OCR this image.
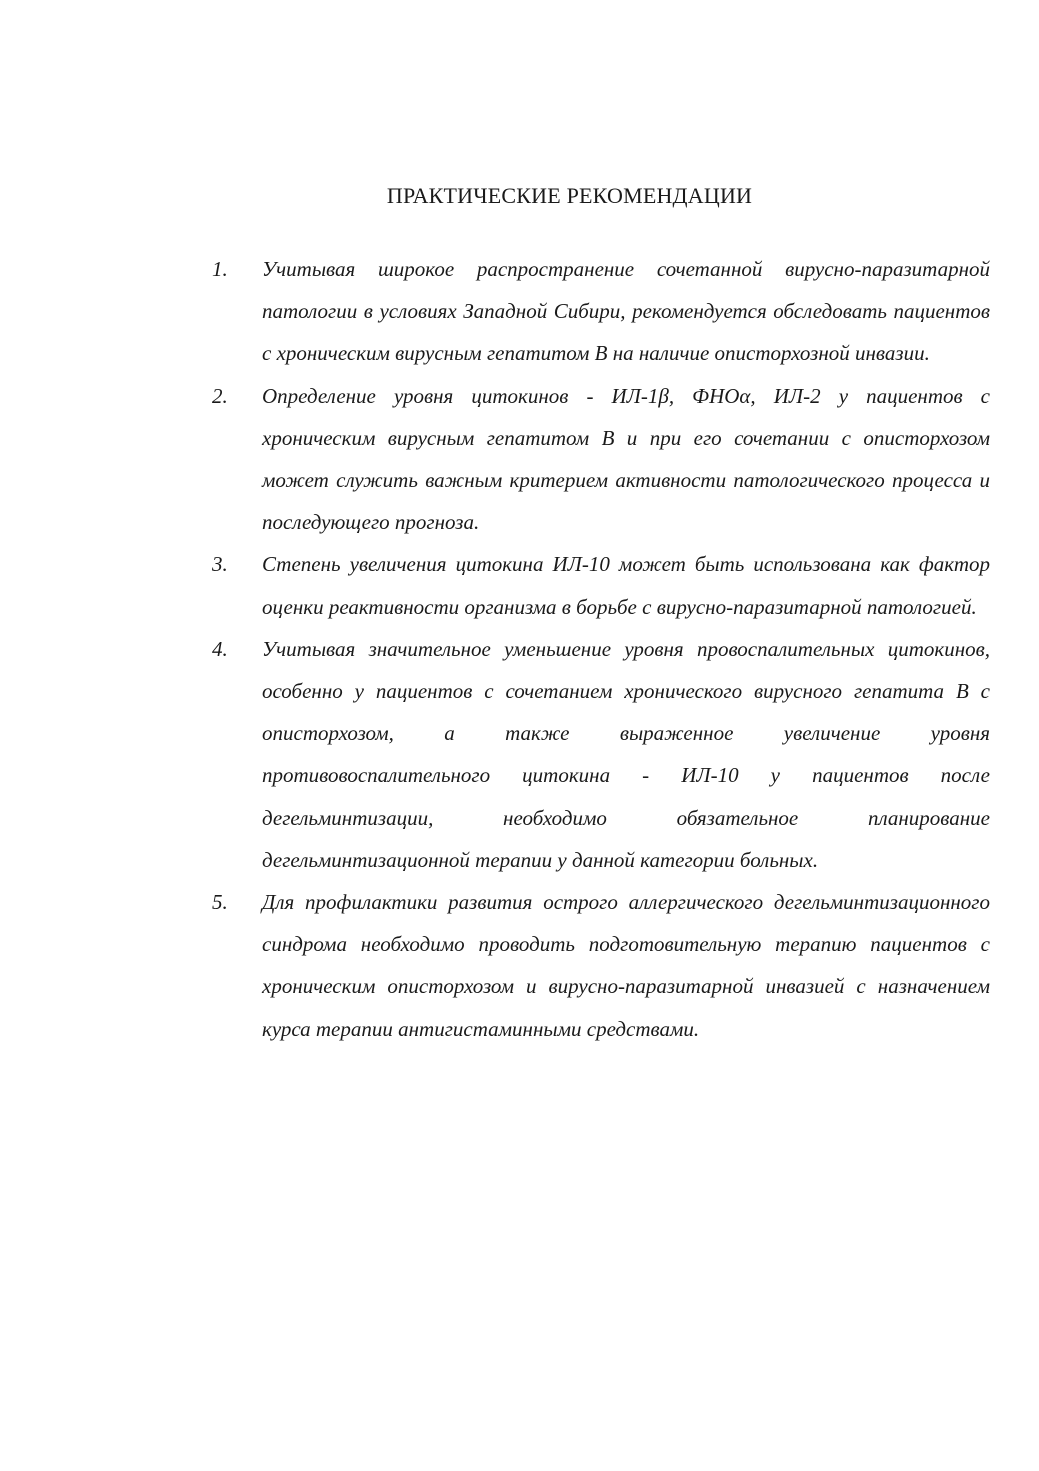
ПРАКТИЧЕСКИЕ РЕКОМЕНДАЦИИ
1.	Учитывая широкое распространение сочетанной вирусно-паразитарной патологии в условиях Западной Сибири, рекомендуется обследовать пациентов с хроническим вирусным гепатитом В на наличие описторхозной инвазии.
2.	Определение уровня цитокинов - ИЛ-1β, ФНОα, ИЛ-2 у пациентов с хроническим вирусным гепатитом В и при его сочетании с описторхозом может служить важным критерием активности патологического процесса и последующего прогноза.
3.	Степень увеличения цитокина ИЛ-10 может быть использована как фактор оценки реактивности организма в борьбе с вирусно-паразитарной патологией.
4.	Учитывая значительное уменьшение уровня провоспалительных цитокинов, особенно у пациентов с сочетанием хронического вирусного гепатита В с описторхозом, а также выраженное увеличение уровня противовоспалительного цитокина - ИЛ-10 у пациентов после дегельминтизации, необходимо обязательное планирование дегельминтизационной терапии у данной категории больных.
5.	Для профилактики развития острого аллергического дегельминтизационного синдрома необходимо проводить подготовительную терапию пациентов с хроническим описторхозом и вирусно-паразитарной инвазией с назначением курса терапии антигистаминными средствами.
